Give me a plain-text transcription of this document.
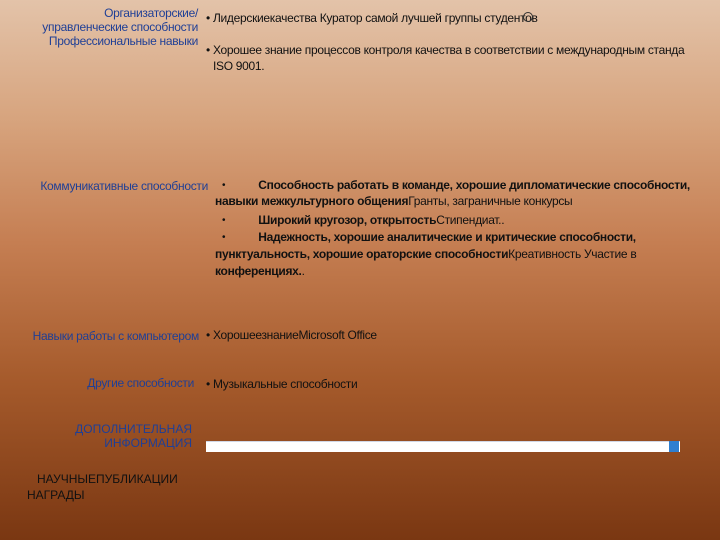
Организаторские/
управленческие способности
Профессиональные навыки
• Лидерскиекачества Куратор самой лучшей группы студентов
• Хорошее знание процессов контроля качества в соответствии с международным станда
ISO 9001.
Коммуникативные способности •	Способность работать в команде, хорошие дипломатические способности,
навыки межкультурного общенияГранты, заграничные конкурсы
•	Широкий кругозор, открытостьСтипендиат..
•	Надежность, хорошие аналитические и критические способности,
пунктуальность, хорошие ораторские способностиКреативность Участие в
конференциях..
Навыки работы с компьютером • ХорошеезнаниеMicrosoft Office
Другие способности • Музыкальные способности
ДОПОЛНИТЕЛЬНАЯ
ИНФОРМАЦИЯ
НАУЧНЫЕПУБЛИКАЦИИ
НАГРАДЫ
